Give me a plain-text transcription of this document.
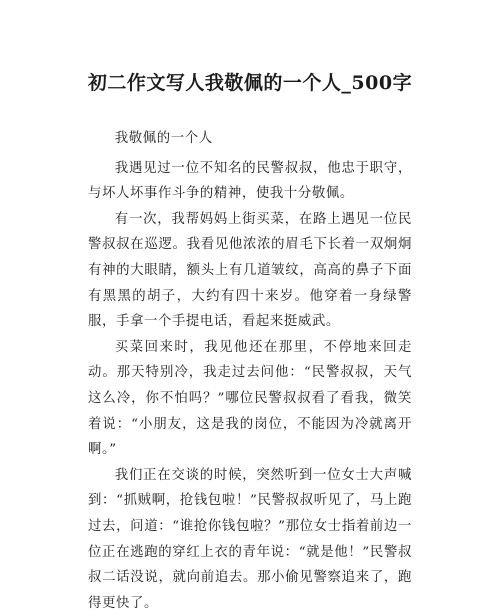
初二作文写人我敬佩的一个人_500字

我敬佩的一个人

我遇见过一位不知名的民警叔叔，他忠于职守，与坏人坏事作斗争的精神，使我十分敬佩。

有一次，我帮妈妈上街买菜，在路上遇见一位民警叔叔在巡逻。我看见他浓浓的眉毛下长着一双炯炯有神的大眼睛，额头上有几道皱纹，高高的鼻子下面有黑黑的胡子，大约有四十来岁。他穿着一身绿警服，手拿一个手提电话，看起来挺威武。

买菜回来时，我见他还在那里，不停地来回走动。那天特别冷，我走过去问他：“民警叔叔，天气这么冷，你不怕吗？”哪位民警叔叔看了看我，微笑着说：“小朋友，这是我的岗位，不能因为冷就离开啊。”

我们正在交谈的时候，突然听到一位女士大声喊到：“抓贼啊，抢钱包啦！”民警叔叔听见了，马上跑过去，问道：“谁抢你钱包啦？”那位女士指着前边一位正在逃跑的穿红上衣的青年说：“就是他！”民警叔叔二话没说，就向前追去。那小偷见警察追来了，跑得更快了。
